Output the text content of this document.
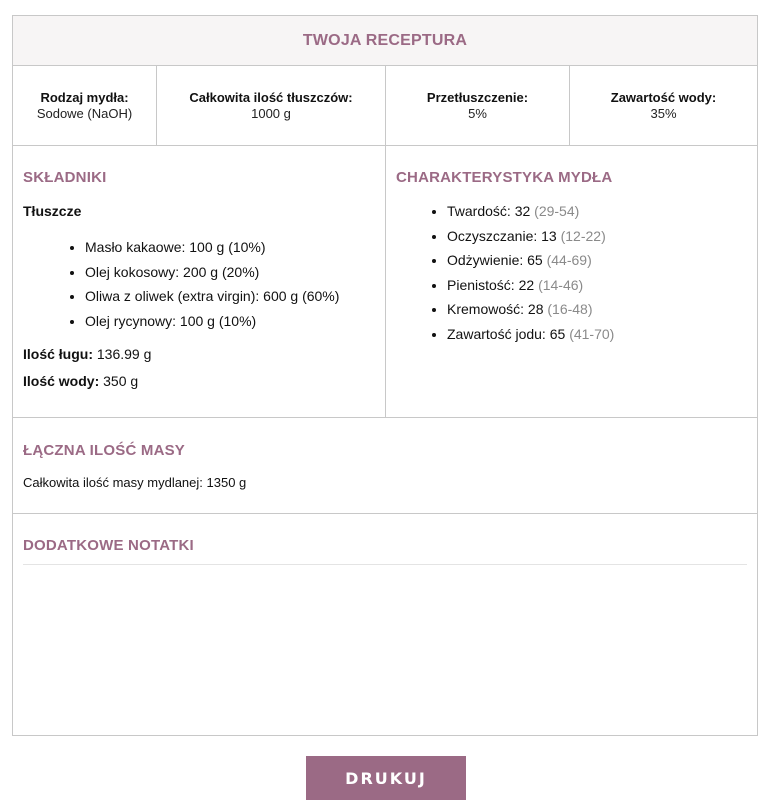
TWOJA RECEPTURA
Rodzaj mydła:
Sodowe (NaOH)
Całkowita ilość tłuszczów:
1000 g
Przetłuszczenie:
5%
Zawartość wody:
35%
SKŁADNIKI
Tłuszcze
• Masło kakaowe: 100 g (10%)
• Olej kokosowy: 200 g (20%)
• Oliwa z oliwek (extra virgin): 600 g (60%)
• Olej rycynowy: 100 g (10%)
Ilość ługu: 136.99 g
Ilość wody: 350 g
CHARAKTERYSTYKA MYDŁA
• Twardość: 32 (29-54)
• Oczyszczanie: 13 (12-22)
• Odżywienie: 65 (44-69)
• Pienistość: 22 (14-46)
• Kremowość: 28 (16-48)
• Zawartość jodu: 65 (41-70)
ŁĄCZNA ILOŚĆ MASY
Całkowita ilość masy mydlanej: 1350 g
DODATKOWE NOTATKI
DRUKUJ
